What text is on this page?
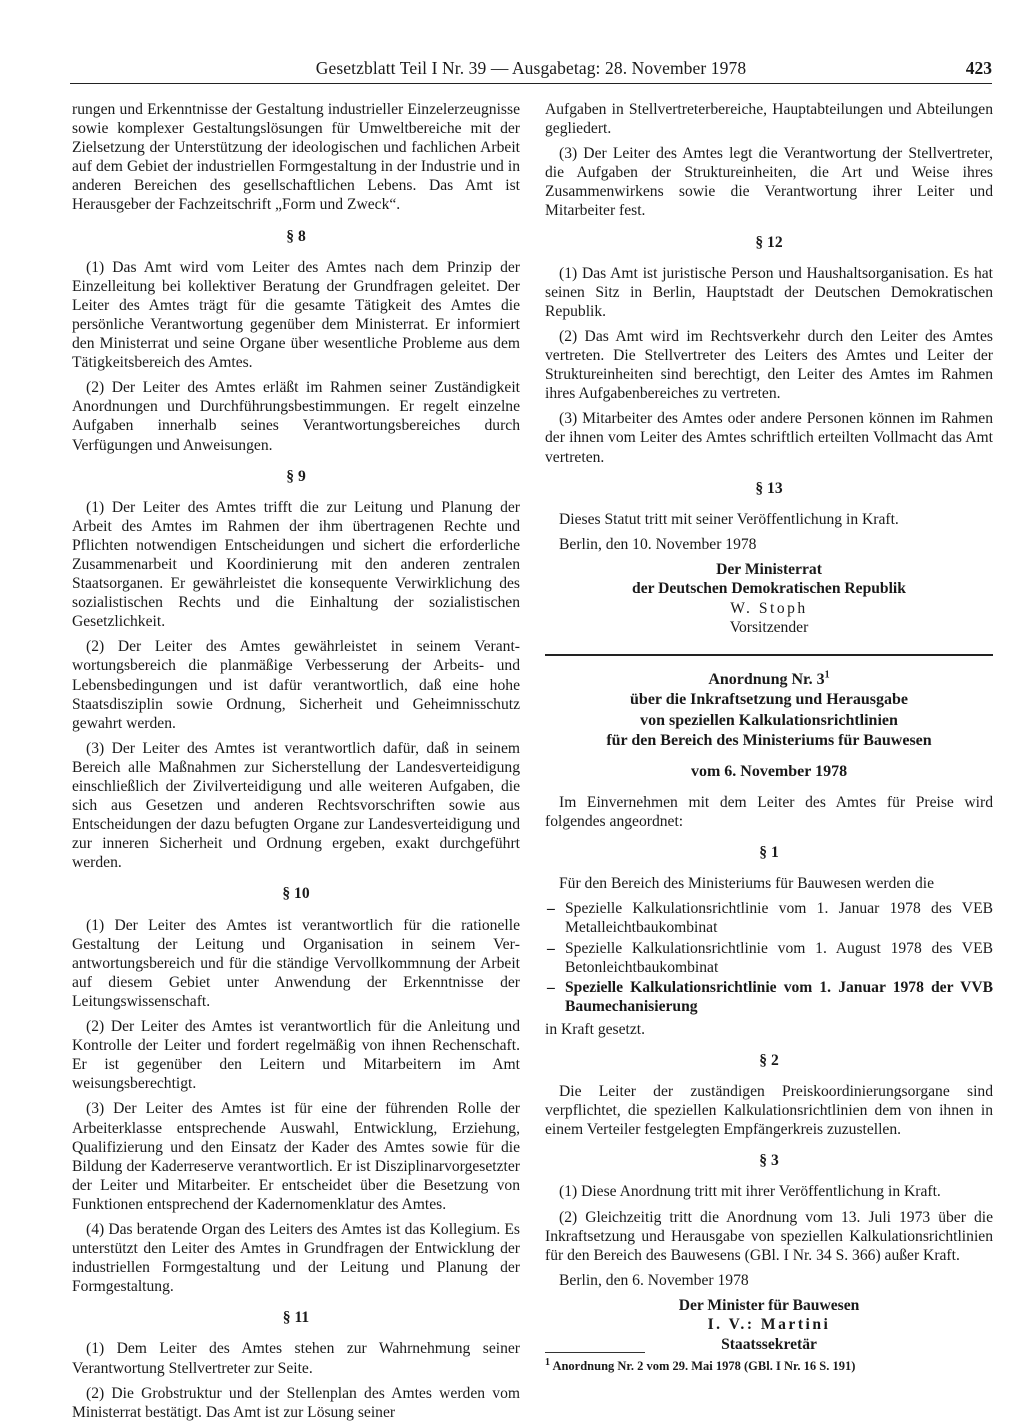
Gesetzblatt Teil I Nr. 39 — Ausgabetag: 28. November 1978	423

rungen und Erkenntnisse der Gestaltung industrieller Einzelerzeugnisse sowie komplexer Gestaltungslösungen für Umweltbereiche mit der Zielsetzung der Unterstützung der ideologischen und fachlichen Arbeit auf dem Gebiet der industriellen Formgestaltung in der Industrie und in anderen Bereichen des gesellschaftlichen Lebens. Das Amt ist Herausgeber der Fachzeitschrift „Form und Zweck“.

§ 8

(1) Das Amt wird vom Leiter des Amtes nach dem Prinzip der Einzelleitung bei kollektiver Beratung der Grundfragen geleitet. Der Leiter des Amtes trägt für die gesamte Tätigkeit des Amtes die persönliche Verantwortung gegenüber dem Ministerrat. Er informiert den Ministerrat und seine Organe über wesentliche Probleme aus dem Tätigkeitsbereich des Amtes.

(2) Der Leiter des Amtes erläßt im Rahmen seiner Zuständigkeit Anordnungen und Durchführungsbestimmungen. Er regelt einzelne Aufgaben innerhalb seines Verantwortungsbereiches durch Verfügungen und Anweisungen.

§ 9

(1) Der Leiter des Amtes trifft die zur Leitung und Planung der Arbeit des Amtes im Rahmen der ihm übertragenen Rechte und Pflichten notwendigen Entscheidungen und sichert die erforderliche Zusammenarbeit und Koordinierung mit den anderen zentralen Staatsorganen. Er gewährleistet die konsequente Verwirklichung des sozialistischen Rechts und die Einhaltung der sozialistischen Gesetzlichkeit.

(2) Der Leiter des Amtes gewährleistet in seinem Verantwortungsbereich die planmäßige Verbesserung der Arbeits- und Lebensbedingungen und ist dafür verantwortlich, daß eine hohe Staatsdisziplin sowie Ordnung, Sicherheit und Geheimnisschutz gewahrt werden.

(3) Der Leiter des Amtes ist verantwortlich dafür, daß in seinem Bereich alle Maßnahmen zur Sicherstellung der Landesverteidigung einschließlich der Zivilverteidigung und alle weiteren Aufgaben, die sich aus Gesetzen und anderen Rechtsvorschriften sowie aus Entscheidungen der dazu befugten Organe zur Landesverteidigung und zur inneren Sicherheit und Ordnung ergeben, exakt durchgeführt werden.

§ 10

(1) Der Leiter des Amtes ist verantwortlich für die rationelle Gestaltung der Leitung und Organisation in seinem Verantwortungsbereich und für die ständige Vervollkommnung der Arbeit auf diesem Gebiet unter Anwendung der Erkenntnisse der Leitungswissenschaft.

(2) Der Leiter des Amtes ist verantwortlich für die Anleitung und Kontrolle der Leiter und fordert regelmäßig von ihnen Rechenschaft. Er ist gegenüber den Leitern und Mitarbeitern im Amt weisungsberechtigt.

(3) Der Leiter des Amtes ist für eine der führenden Rolle der Arbeiterklasse entsprechende Auswahl, Entwicklung, Erziehung, Qualifizierung und den Einsatz der Kader des Amtes sowie für die Bildung der Kaderreserve verantwortlich. Er ist Disziplinarvorgesetzter der Leiter und Mitarbeiter. Er entscheidet über die Besetzung von Funktionen entsprechend der Kadernomenklatur des Amtes.

(4) Das beratende Organ des Leiters des Amtes ist das Kollegium. Es unterstützt den Leiter des Amtes in Grundfragen der Entwicklung der industriellen Formgestaltung und der Leitung und Planung der Formgestaltung.

§ 11

(1) Dem Leiter des Amtes stehen zur Wahrnehmung seiner Verantwortung Stellvertreter zur Seite.

(2) Die Grobstruktur und der Stellenplan des Amtes werden vom Ministerrat bestätigt. Das Amt ist zur Lösung seiner

Aufgaben in Stellvertreterbereiche, Hauptabteilungen und Abteilungen gegliedert.

(3) Der Leiter des Amtes legt die Verantwortung der Stellvertreter, die Aufgaben der Struktureinheiten, die Art und Weise ihres Zusammenwirkens sowie die Verantwortung ihrer Leiter und Mitarbeiter fest.

§ 12

(1) Das Amt ist juristische Person und Haushaltsorganisation. Es hat seinen Sitz in Berlin, Hauptstadt der Deutschen Demokratischen Republik.

(2) Das Amt wird im Rechtsverkehr durch den Leiter des Amtes vertreten. Die Stellvertreter des Leiters des Amtes und Leiter der Struktureinheiten sind berechtigt, den Leiter des Amtes im Rahmen ihres Aufgabenbereiches zu vertreten.

(3) Mitarbeiter des Amtes oder andere Personen können im Rahmen der ihnen vom Leiter des Amtes schriftlich erteilten Vollmacht das Amt vertreten.

§ 13

Dieses Statut tritt mit seiner Veröffentlichung in Kraft.

Berlin, den 10. November 1978

Der Ministerrat
der Deutschen Demokratischen Republik
W. Stoph
Vorsitzender
Anordnung Nr. $3^1$
über die Inkraftsetzung und Herausgabe
von speziellen Kalkulationsrichtlinien
für den Bereich des Ministeriums für Bauwesen
vom 6. November 1978

Im Einvernehmen mit dem Leiter des Amtes für Preise wird folgendes angeordnet:

§ 1

Für den Bereich des Ministeriums für Bauwesen werden die

– Spezielle Kalkulationsrichtlinie vom 1. Januar 1978 des VEB Metalleichtbaukombinat
– Spezielle Kalkulationsrichtlinie vom 1. August 1978 des VEB Betonleichtbaukombinat
– Spezielle Kalkulationsrichtlinie vom 1. Januar 1978 der VVB Baumechanisierung

in Kraft gesetzt.

§ 2

Die Leiter der zuständigen Preiskoordinierungsorgane sind verpflichtet, die speziellen Kalkulationsrichtlinien dem von ihnen in einem Verteiler festgelegten Empfängerkreis zuzustellen.

§ 3

(1) Diese Anordnung tritt mit ihrer Veröffentlichung in Kraft.

(2) Gleichzeitig tritt die Anordnung vom 13. Juli 1973 über die Inkraftsetzung und Herausgabe von speziellen Kalkulationsrichtlinien für den Bereich des Bauwesens (GBl. I Nr. 34 S. 366) außer Kraft.

Berlin, den 6. November 1978

Der Minister für Bauwesen
I. V.: Martini
Staatssekretär
$^1$ Anordnung Nr. 2 vom 29. Mai 1978 (GBl. I Nr. 16 S. 191)
